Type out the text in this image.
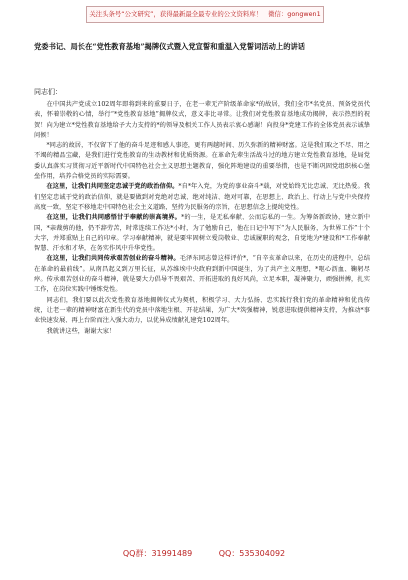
关注头条号“公文研究”，获得最新最全最专业的公文资料库！ 微信：gongwen1
党委书记、局长在“党性教育基地”揭牌仪式暨入党宣誓和重温入党誓词活动上的讲话
同志们：

在中国共产党成立102周年即将到来的重要日子，在老一辈无产阶级革命家*的故居，我们全市*名党员、预备党员代表，怀着崇敬的心情，举行“*党性教育基地”揭牌仪式，意义非比寻常。让我们对党性教育基地成功揭牌，表示热烈的祝贺！向为建立*党性教育基地给予大力支持的*的领导及相关工作人员表示衷心感谢！向投身*党建工作的全体党员表示诚挚问候！

*同志的故居，不仅留下了他的奋斗足迹和感人事迹，更有两越时间、历久弥新的精神财富。这是我们取之不尽、用之不竭的精品宝藏，是我们进行党性教育的生动教材和优质资源。在革命先辈生活战斗过的地方建立党性教育基地，是局党委认真落实习贯彻习近平新时代中国特色社会主义思想主题教育，强化阵地建设的重要举措，也是不断巩固党组织核心堡垒作用，培养合格党员的实际需要。

在这里，让我们共同坚定忠诚于党的政治信仰。*自*年入党，为党的事业奋斗*载，对党始终无比忠诚、无比热爱。我们坚定忠诚于党的政治信仰，就是要做到对党绝对忠诚、绝对纯洁、绝对可靠，在思想上、政治上、行动上与党中央保持高度一致，坚定不移地走中国特色社会主义道路，坚持为民服务的宗旨，在思想信念上提纯党性。

在这里，让我们共同感悟甘于奉献的崇高境界。*的一生，是无私奉献、公而忘私的一生。为筹备新政协，建立新中国，*亲裁剪的他，仍不辞劳苦，时常连续工作达*小时，为了勉励自己，他在日记中写下“为人民服务，为世界工作”十个大字，并郑重贴上自己的印章。学习奉献精神，就是要牢固树立爱岗敬业、忠诚履职的观念，自觉地为*建设和*工作奉献智慧、汗水和才华，在务实作风中升华党性。

在这里，让我们共同传承艰苦创业的奋斗精神。毛泽东同志曾这样评价*，“自辛亥革命以来，在历史的进程中，总结在革命的最前线”。从南昌起义到万里长征，从苏维埃中央政府到新中国诞生，为了共产主义理想，*呕心沥血、鞠躬尽瘁。传承艰苦创业的奋斗精神，就是要大力倡导不畏艰苦、开拓进取的良好风尚，立足本职，凝神聚力，顽强拼搏，扎实工作，在岗位实践中锤炼党性。

同志们，我们要以此次党性教育基地揭牌仪式为契机，积极学习、大力弘扬、忠实践行我们党的革命精神和优良传统，让老一辈的精神财富在新生代的党员中落地生根、开花结果，为广大*筑强精神，锐意进取提供精神支持，为推动*事业快速发展、再上台阶而注入强大动力，以优异成绩献礼建党102周年。

我就讲这些，谢谢大家！

QQ群：31991489	QQ：535304092
